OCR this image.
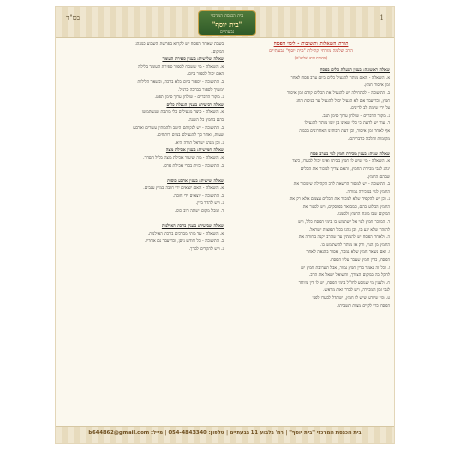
בס"ד	בית הכנסת המרכזי
"בית יוסף"
גבעתיים
1
תורת השאלות ותשובות - לימי הפסח
הרב שלמה מזרחי קהילת "בית יוסף" גבעתיים
(מתורת הרב שליט"א)

שאלה ראשונה: בענין הגעלת כלים בפסח

א. השאלה - האם מותר להגעיל כלים ביום ערב פסח לאחר

זמן איסור חמץ.

ב. התשובה - לכתחילה יש להגעיל את הכלים קודם זמן איסור

חמץ, ובדיעבד אם לא הגעיל יכול להגעיל עד כניסת החג

על ידי שימת לב לדינים.

ג. מקור הדברים - שולחן ערוך סימן תנב.

ד. עוד יש לדעת כי כלי שאינו בן יומו מותר להגעילו

אף לאחר זמן איסור, וכן דעת רבותינו האחרונים בכמה

מקומות והלכה כדבריהם.

שאלה שניה: בענין מכירת חמץ לגוי בערב פסח

א. השאלה - מי שיש לו חמץ בביתו ואינו יכול לבערו, כיצד

ינהג לגבי מכירת החמץ, והאם צריך למכור את הכלים

שבהם החמץ.

ב. התשובה - יש למסור הרשאה לרב הקהילה שימכור את

החמץ לגוי במכירה גמורה.

ג. וכן יש להקפיד שלא למכור את הכלים עצמם אלא רק את

החמץ הבלוע בהם, כמבואר בפוסקים, ויש לסגור את

המקום שבו מונח החמץ ולסמנו.

ד. המוכר חמץ לגוי אל ישתמש בו בימי הפסח כלל, ויש

להזהר שלא יגע בו, וכן נהגו בכל תפוצות ישראל.

ה. ולאחר הפסח יש להמתין עד שהרב יקנה בחזרה את

החמץ מן הגוי, ורק אז מותר להשתמש בו.

ו. ואם נשאר חמץ שלא נמכר, אסור בהנאה לאחר

הפסח, כדין חמץ שעבר עליו הפסח.

ז. וכל זה נאמר בדין חמץ גמור, אבל תערובת חמץ יש

להקל בה במקום הצורך, והשואל ישאל את הרב.

ח. ולענין מי שנוסע לחו"ל בימי הפסח, יש לו דין מיוחד

לגבי זמן המכירה, ויש לברר זאת מראש.

ט. ומי שיודע שיש לו חמץ, ישתדל לבערו לפני

הפסח כדי לקיים מצות תשביתו.

בשבת שאחר הפסח יש לקרוא בפרשת השבוע כמנהג

המקום.

שאלה שלישית: בענין ספירת העומר

א. השאלה - מי ששכח לספור ספירת העומר בלילה

האם יכול לספור ביום.

ב. התשובה - יספור ביום בלא ברכה, ובשאר הלילות

ימשיך לספור בברכה כרגיל.

ג. מקור הדברים - שולחן ערוך סימן תפט.

שאלה רביעית: בענין הגעלת כלים

א. השאלה - כיצד מגעילים כלי מתכת שנשתמשו

בהם בחמץ כל השנה.

ב. התשובה - יש לנקותם היטב ולהמתין עשרים וארבע

שעות, ואחר כך להגעילם במים רותחים.

ג. וכן מנהג ישראל תורה היא.

שאלה חמישית: בענין אכילת מצה

א. השאלה - מה שיעור אכילת מצה בליל הסדר.

ב. התשובה - כזית בכדי אכילת פרס.

שאלה שישית: בענין ארבע כוסות

א. השאלה - האם יוצאים ידי חובה במיץ ענבים.

ב. התשובה - יוצאים ידי חובה.

ג. ויש להדר ביין.

ד. ומכל מקום ישתה רוב כוס.

שאלה שביעית: בענין ברכת האילנות

א. השאלה - עד מתי מברכים ברכת האילנות.

ב. התשובה - כל חודש ניסן, ובדיעבד גם אחריו.

ג. ויש להקדים לברך.

בית הכנסת המרכזי "בית יוסף" | רח' גלבוע 11 גבעתיים | טלפון: 054-4843340 | מייל: b644862@gmail.com
